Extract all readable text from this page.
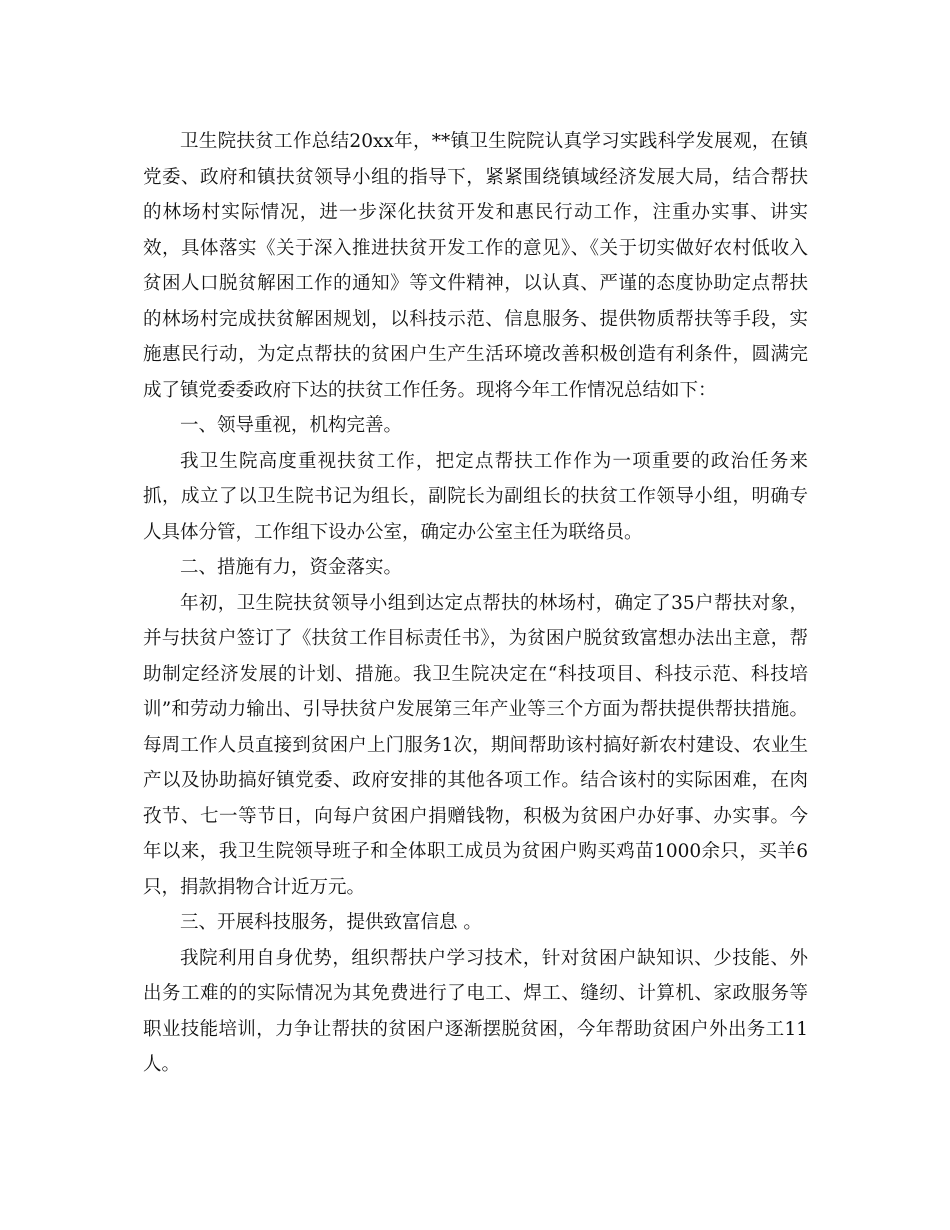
卫生院扶贫工作总结20xx年，**镇卫生院院认真学习实践科学发展观，在镇党委、政府和镇扶贫领导小组的指导下，紧紧围绕镇域经济发展大局，结合帮扶的林场村实际情况，进一步深化扶贫开发和惠民行动工作，注重办实事、讲实效，具体落实《关于深入推进扶贫开发工作的意见》、《关于切实做好农村低收入贫困人口脱贫解困工作的通知》等文件精神，以认真、严谨的态度协助定点帮扶的林场村完成扶贫解困规划，以科技示范、信息服务、提供物质帮扶等手段，实施惠民行动，为定点帮扶的贫困户生产生活环境改善积极创造有利条件，圆满完成了镇党委委政府下达的扶贫工作任务。现将今年工作情况总结如下：

一、领导重视，机构完善。

我卫生院高度重视扶贫工作，把定点帮扶工作作为一项重要的政治任务来抓，成立了以卫生院书记为组长，副院长为副组长的扶贫工作领导小组，明确专人具体分管，工作组下设办公室，确定办公室主任为联络员。

二、措施有力，资金落实。

年初，卫生院扶贫领导小组到达定点帮扶的林场村，确定了35户帮扶对象，并与扶贫户签订了《扶贫工作目标责任书》，为贫困户脱贫致富想办法出主意，帮助制定经济发展的计划、措施。我卫生院决定在“科技项目、科技示范、科技培训”和劳动力输出、引导扶贫户发展第三年产业等三个方面为帮扶提供帮扶措施。每周工作人员直接到贫困户上门服务1次，期间帮助该村搞好新农村建设、农业生产以及协助搞好镇党委、政府安排的其他各项工作。结合该村的实际困难，在肉孜节、七一等节日，向每户贫困户捐赠钱物，积极为贫困户办好事、办实事。今年以来，我卫生院领导班子和全体职工成员为贫困户购买鸡苗1000余只，买羊6只，捐款捐物合计近万元。

三、开展科技服务，提供致富信息 。

我院利用自身优势，组织帮扶户学习技术，针对贫困户缺知识、少技能、外出务工难的的实际情况为其免费进行了电工、焊工、缝纫、计算机、家政服务等职业技能培训，力争让帮扶的贫困户逐渐摆脱贫困，今年帮助贫困户外出务工11人。
